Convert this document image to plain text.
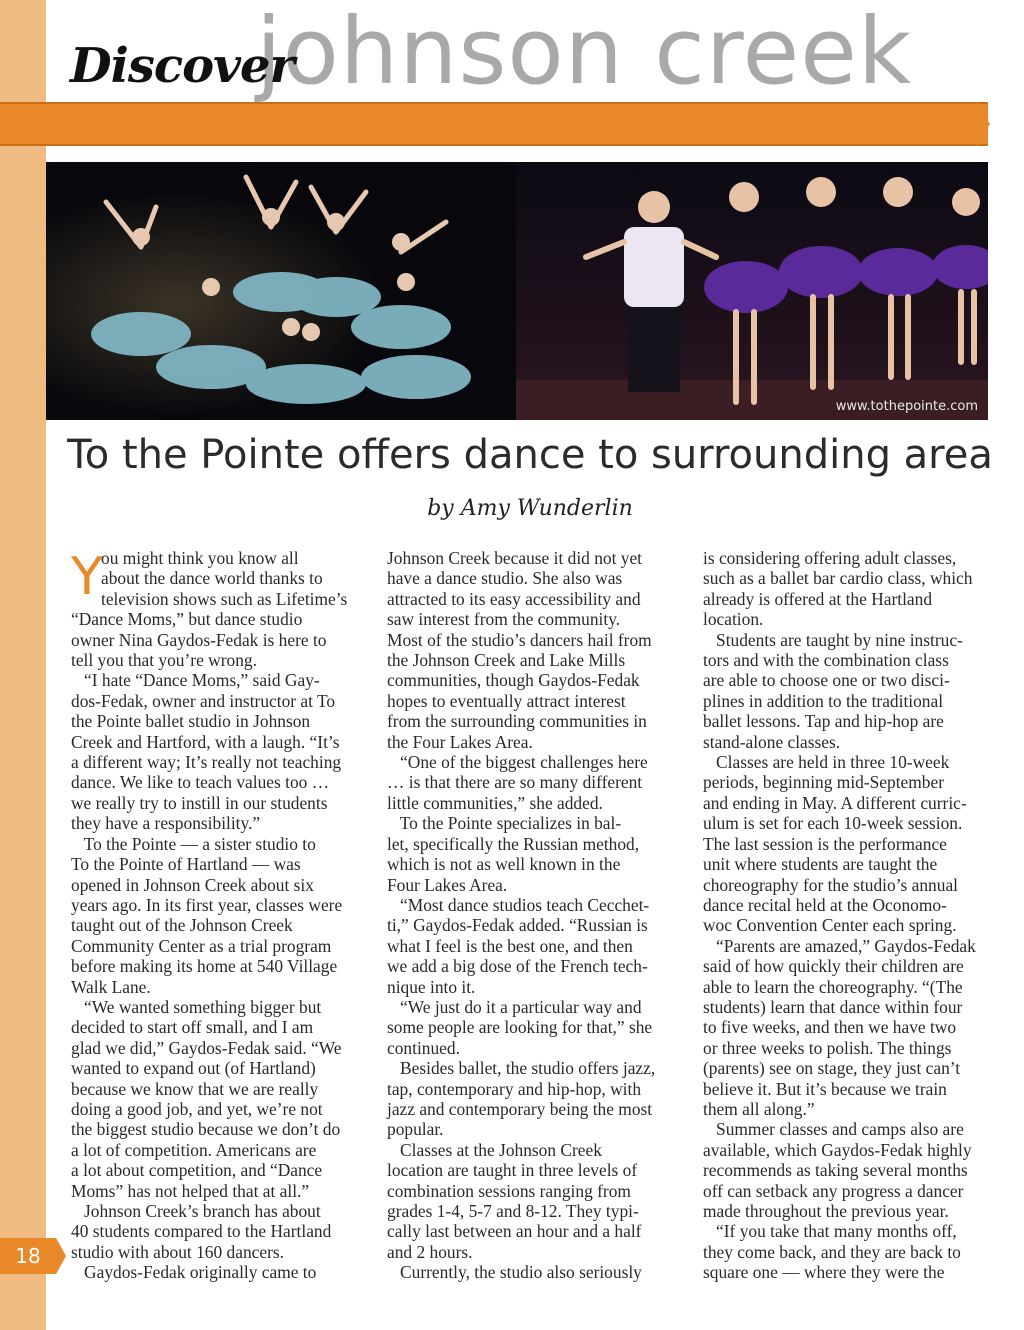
johnson creek
Discover
www.tothepointe.com
To the Pointe offers dance to surrounding area
by Amy Wunderlin
Y

ou might think you know all

about the dance world thanks to

television shows such as Lifetime’s

“Dance Moms,” but dance studio

owner Nina Gaydos-Fedak is here to

tell you that you’re wrong.

“I hate “Dance Moms,” said Gay-

dos-Fedak, owner and instructor at To

the Pointe ballet studio in Johnson

Creek and Hartford, with a laugh. “It’s

a different way; It’s really not teaching

dance. We like to teach values too …

we really try to instill in our students

they have a responsibility.”

To the Pointe — a sister studio to

To the Pointe of Hartland — was

opened in Johnson Creek about six

years ago. In its first year, classes were

taught out of the Johnson Creek

Community Center as a trial program

before making its home at 540 Village

Walk Lane.

“We wanted something bigger but

decided to start off small, and I am

glad we did,” Gaydos-Fedak said. “We

wanted to expand out (of Hartland)

because we know that we are really

doing a good job, and yet, we’re not

the biggest studio because we don’t do

a lot of competition. Americans are

a lot about competition, and “Dance

Moms” has not helped that at all.”

Johnson Creek’s branch has about

40 students compared to the Hartland

studio with about 160 dancers.

Gaydos-Fedak originally came to

Johnson Creek because it did not yet

have a dance studio. She also was

attracted to its easy accessibility and

saw interest from the community.

Most of the studio’s dancers hail from

the Johnson Creek and Lake Mills

communities, though Gaydos-Fedak

hopes to eventually attract interest

from the surrounding communities in

the Four Lakes Area.

“One of the biggest challenges here

… is that there are so many different

little communities,” she added.

To the Pointe specializes in bal-

let, specifically the Russian method,

which is not as well known in the

Four Lakes Area.

“Most dance studios teach Cecchet-

ti,” Gaydos-Fedak added. “Russian is

what I feel is the best one, and then

we add a big dose of the French tech-

nique into it.

“We just do it a particular way and

some people are looking for that,” she

continued.

Besides ballet, the studio offers jazz,

tap, contemporary and hip-hop, with

jazz and contemporary being the most

popular.

Classes at the Johnson Creek

location are taught in three levels of

combination sessions ranging from

grades 1-4, 5-7 and 8-12. They typi-

cally last between an hour and a half

and 2 hours.

Currently, the studio also seriously

is considering offering adult classes,

such as a ballet bar cardio class, which

already is offered at the Hartland

location.

Students are taught by nine instruc-

tors and with the combination class

are able to choose one or two disci-

plines in addition to the traditional

ballet lessons. Tap and hip-hop are

stand-alone classes.

Classes are held in three 10-week

periods, beginning mid-September

and ending in May. A different curric-

ulum is set for each 10-week session.

The last session is the performance

unit where students are taught the

choreography for the studio’s annual

dance recital held at the Oconomo-

woc Convention Center each spring.

“Parents are amazed,” Gaydos-Fedak

said of how quickly their children are

able to learn the choreography. “(The

students) learn that dance within four

to five weeks, and then we have two

or three weeks to polish. The things

(parents) see on stage, they just can’t

believe it. But it’s because we train

them all along.”

Summer classes and camps also are

available, which Gaydos-Fedak highly

recommends as taking several months

off can setback any progress a dancer

made throughout the previous year.

“If you take that many months off,

they come back, and they are back to

square one — where they were the

18
